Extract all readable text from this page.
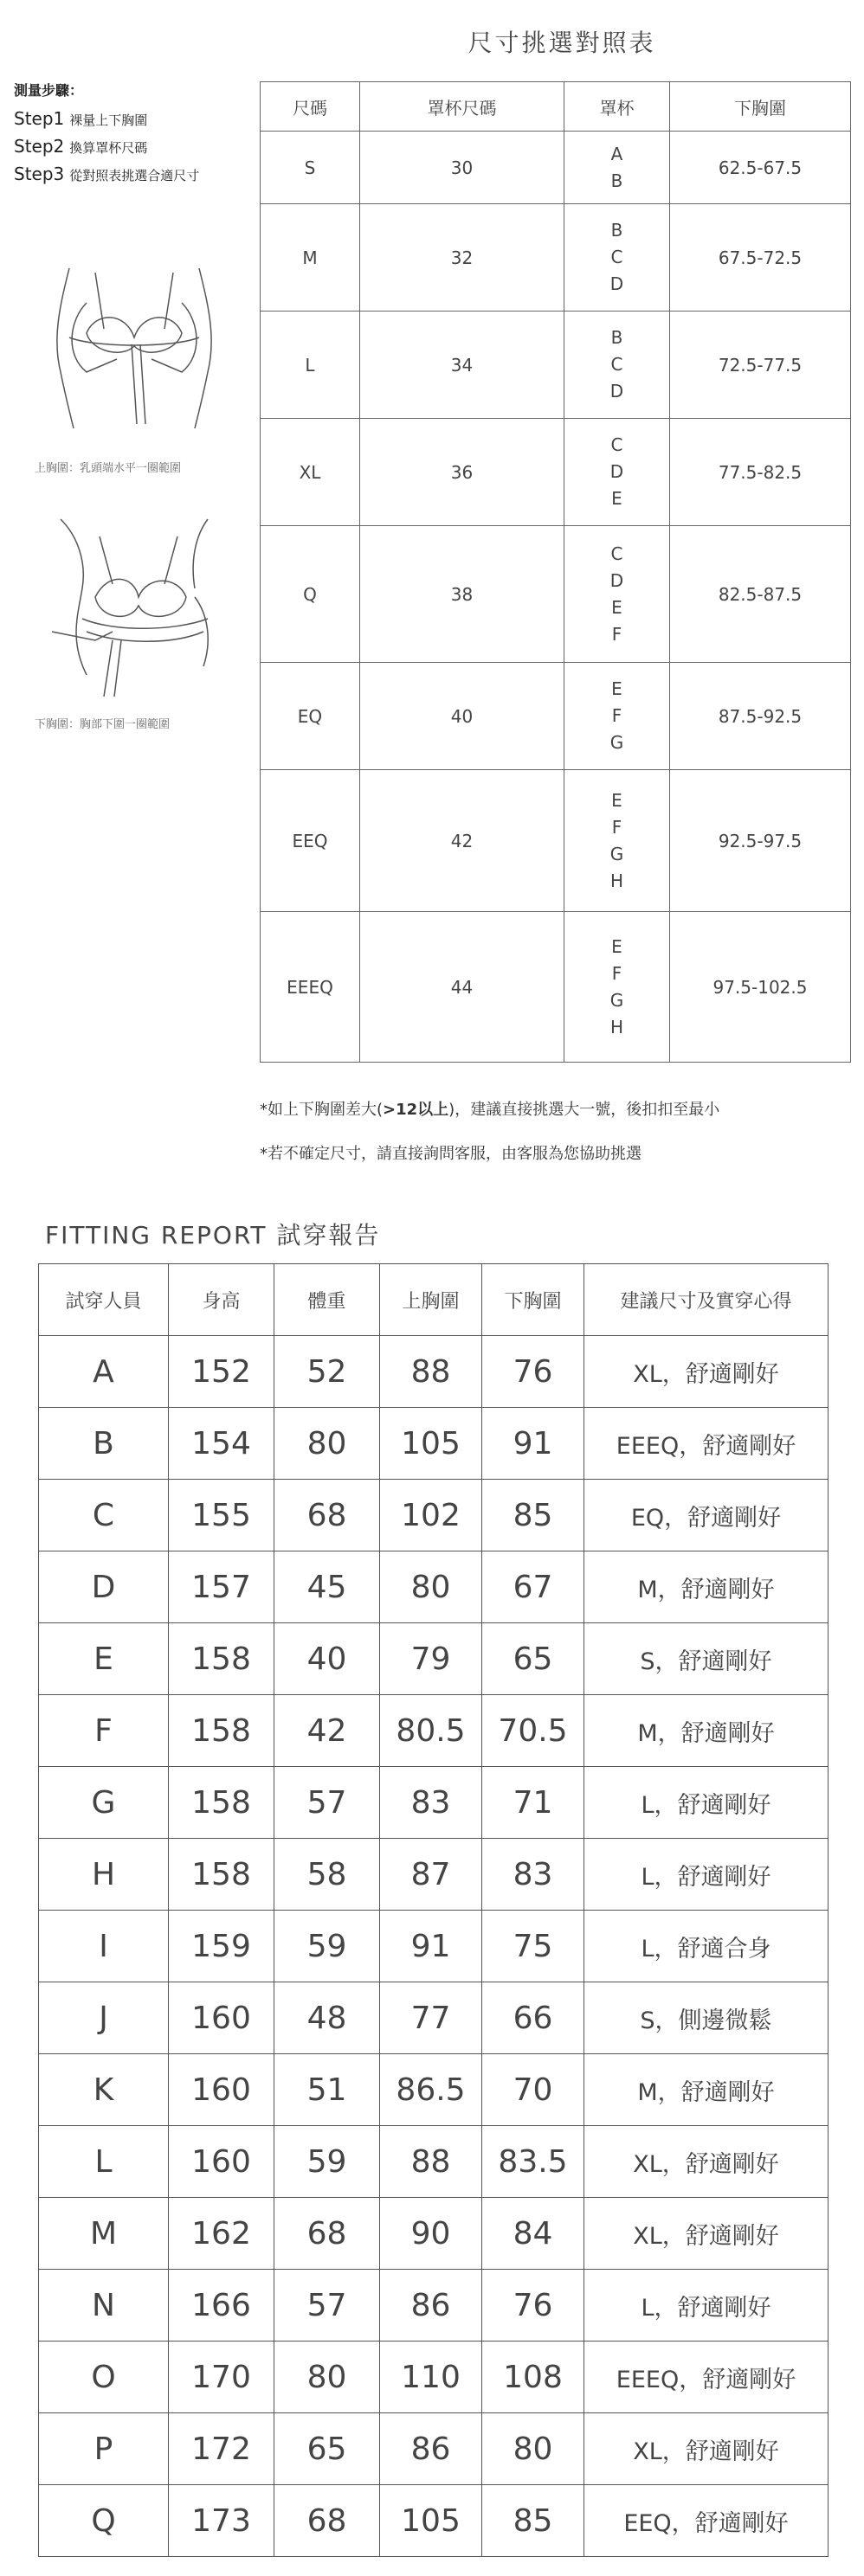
尺寸挑選對照表
測量步驟：
Step1 裸量上下胸圍
Step2 換算罩杯尺碼
Step3 從對照表挑選合適尺寸
上胸圍：乳頭端水平一圈範圍
下胸圍：胸部下圍一圈範圍
尺碼	罩杯尺碼	罩杯	下胸圍
S	30	A
B	62.5-67.5
M	32	B
C
D	67.5-72.5
L	34	B
C
D	72.5-77.5
XL	36	C
D
E	77.5-82.5
Q	38	C
D
E
F	82.5-87.5
EQ	40	E
F
G	87.5-92.5
EEQ	42	E
F
G
H	92.5-97.5
EEEQ	44	E
F
G
H	97.5-102.5
*如上下胸圍差大(>12以上)，建議直接挑選大一號，後扣扣至最小
*若不確定尺寸，請直接詢問客服，由客服為您協助挑選
FITTING REPORT 試穿報告
試穿人員	身高	體重	上胸圍	下胸圍	建議尺寸及實穿心得
A	152	52	88	76	XL，舒適剛好
B	154	80	105	91	EEEQ，舒適剛好
C	155	68	102	85	EQ，舒適剛好
D	157	45	80	67	M，舒適剛好
E	158	40	79	65	S，舒適剛好
F	158	42	80.5	70.5	M，舒適剛好
G	158	57	83	71	L，舒適剛好
H	158	58	87	83	L，舒適剛好
I	159	59	91	75	L，舒適合身
J	160	48	77	66	S，側邊微鬆
K	160	51	86.5	70	M，舒適剛好
L	160	59	88	83.5	XL，舒適剛好
M	162	68	90	84	XL，舒適剛好
N	166	57	86	76	L，舒適剛好
O	170	80	110	108	EEEQ，舒適剛好
P	172	65	86	80	XL，舒適剛好
Q	173	68	105	85	EEQ，舒適剛好
